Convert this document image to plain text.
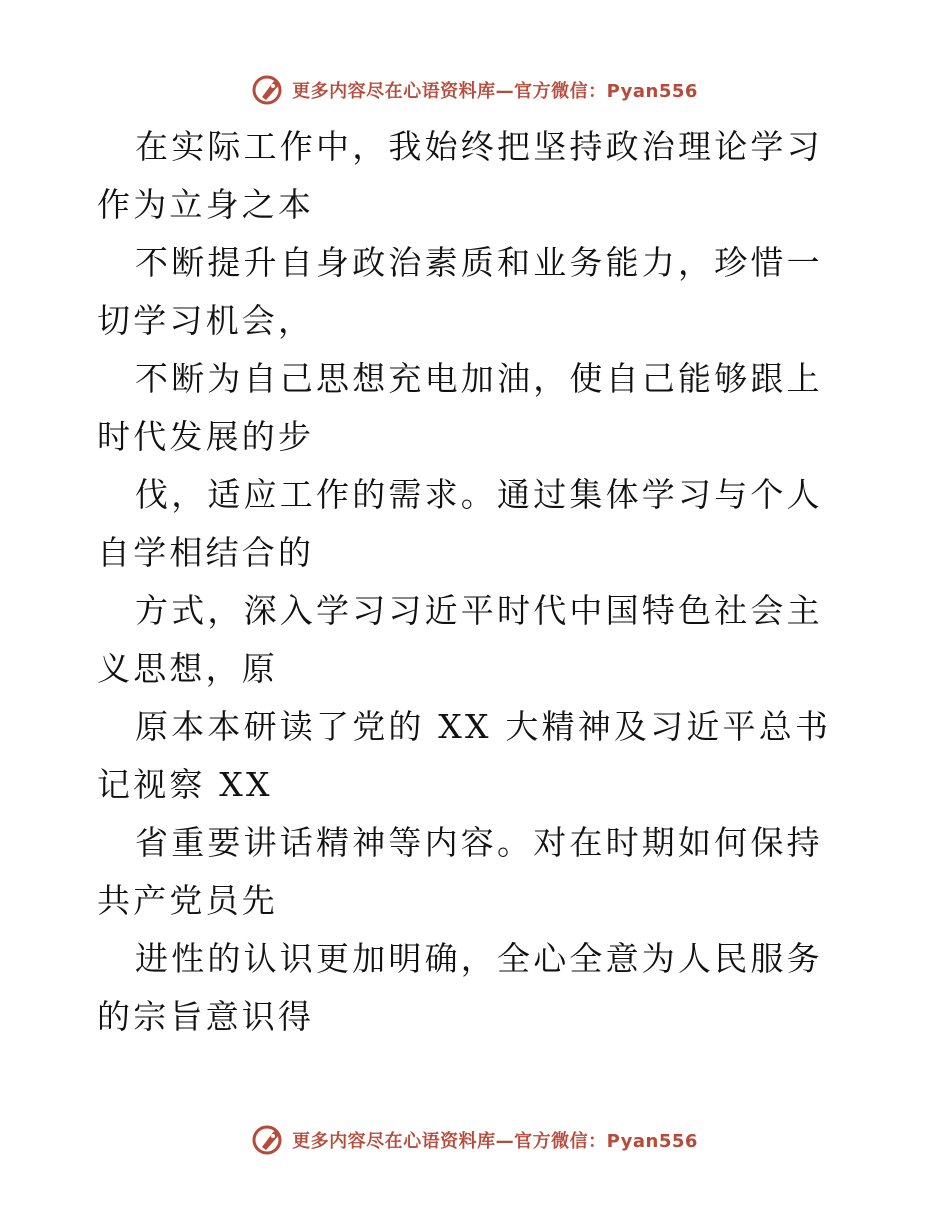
更多内容尽在心语资料库—官方微信：Pyan556

在实际工作中，我始终把坚持政治理论学习作为立身之本

不断提升自身政治素质和业务能力，珍惜一切学习机会，

不断为自己思想充电加油，使自己能够跟上时代发展的步

伐，适应工作的需求。通过集体学习与个人自学相结合的

方式，深入学习习近平时代中国特色社会主义思想，原

原本本研读了党的 XX 大精神及习近平总书记视察 XX

省重要讲话精神等内容。对在时期如何保持共产党员先

进性的认识更加明确，全心全意为人民服务的宗旨意识得

更多内容尽在心语资料库—官方微信：Pyan556
